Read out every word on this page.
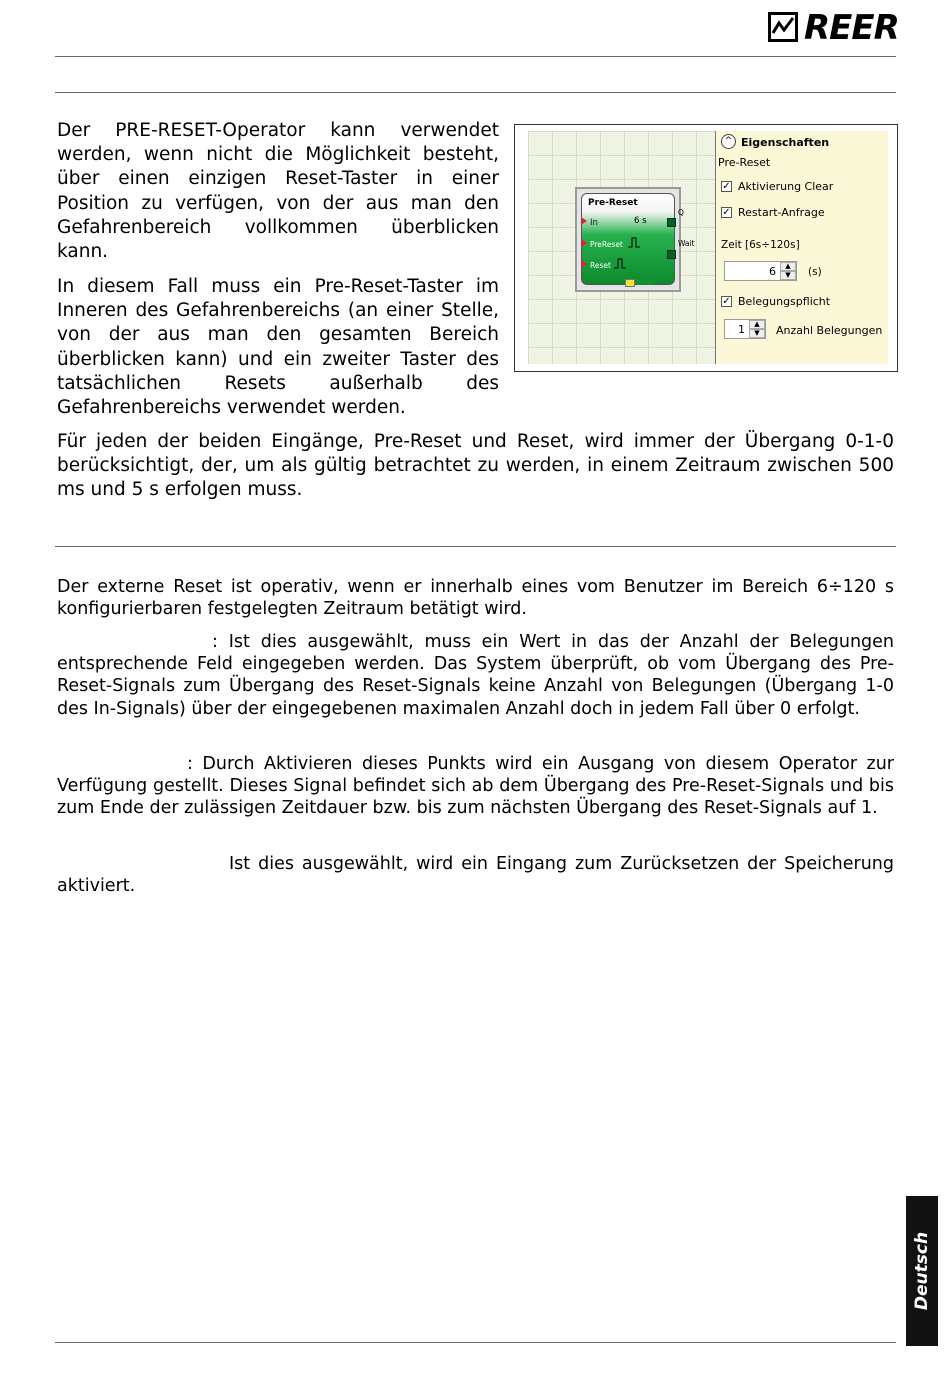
REER

Der PRE-RESET-Operator kann verwendet werden, wenn nicht die Möglichkeit besteht, über einen einzigen Reset-Taster in einer Position zu verfügen, von der aus man den Gefahrenbereich vollkommen überblicken kann.

In diesem Fall muss ein Pre-Reset-Taster im Inneren des Gefahrenbereichs (an einer Stelle, von der aus man den gesamten Bereich überblicken kann) und ein zweiter Taster des tatsächlichen Resets außerhalb des Gefahrenbereichs verwendet werden.

Für jeden der beiden Eingänge, Pre-Reset und Reset, wird immer der Übergang 0-1-0 berücksichtigt, der, um als gültig betrachtet zu werden, in einem Zeitraum zwischen 500 ms und 5 s erfolgen muss.

Pre-Reset
6 s
In
PreReset
Reset
Clear
Q
Wait
^ Eigenschaften
Pre-Reset
✓ Aktivierung Clear
✓ Restart-Anfrage
Zeit [6s÷120s]
6	▲
▼	(s)
✓ Belegungspflicht
1	▲
▼	Anzahl Belegungen

Der externe Reset ist operativ, wenn er innerhalb eines vom Benutzer im Bereich 6÷120 s konfigurierbaren festgelegten Zeitraum betätigt wird.

: Ist dies ausgewählt, muss ein Wert in das der Anzahl der Belegungen entsprechende Feld eingegeben werden. Das System überprüft, ob vom Übergang des Pre-Reset-Signals zum Übergang des Reset-Signals keine Anzahl von Belegungen (Übergang 1-0 des In-Signals) über der eingegebenen maximalen Anzahl doch in jedem Fall über 0 erfolgt.

: Durch Aktivieren dieses Punkts wird ein Ausgang von diesem Operator zur Verfügung gestellt. Dieses Signal befindet sich ab dem Übergang des Pre-Reset-Signals und bis zum Ende der zulässigen Zeitdauer bzw. bis zum nächsten Übergang des Reset-Signals auf 1.

Ist dies ausgewählt, wird ein Eingang zum Zurücksetzen der Speicherung aktiviert.

Deutsch
